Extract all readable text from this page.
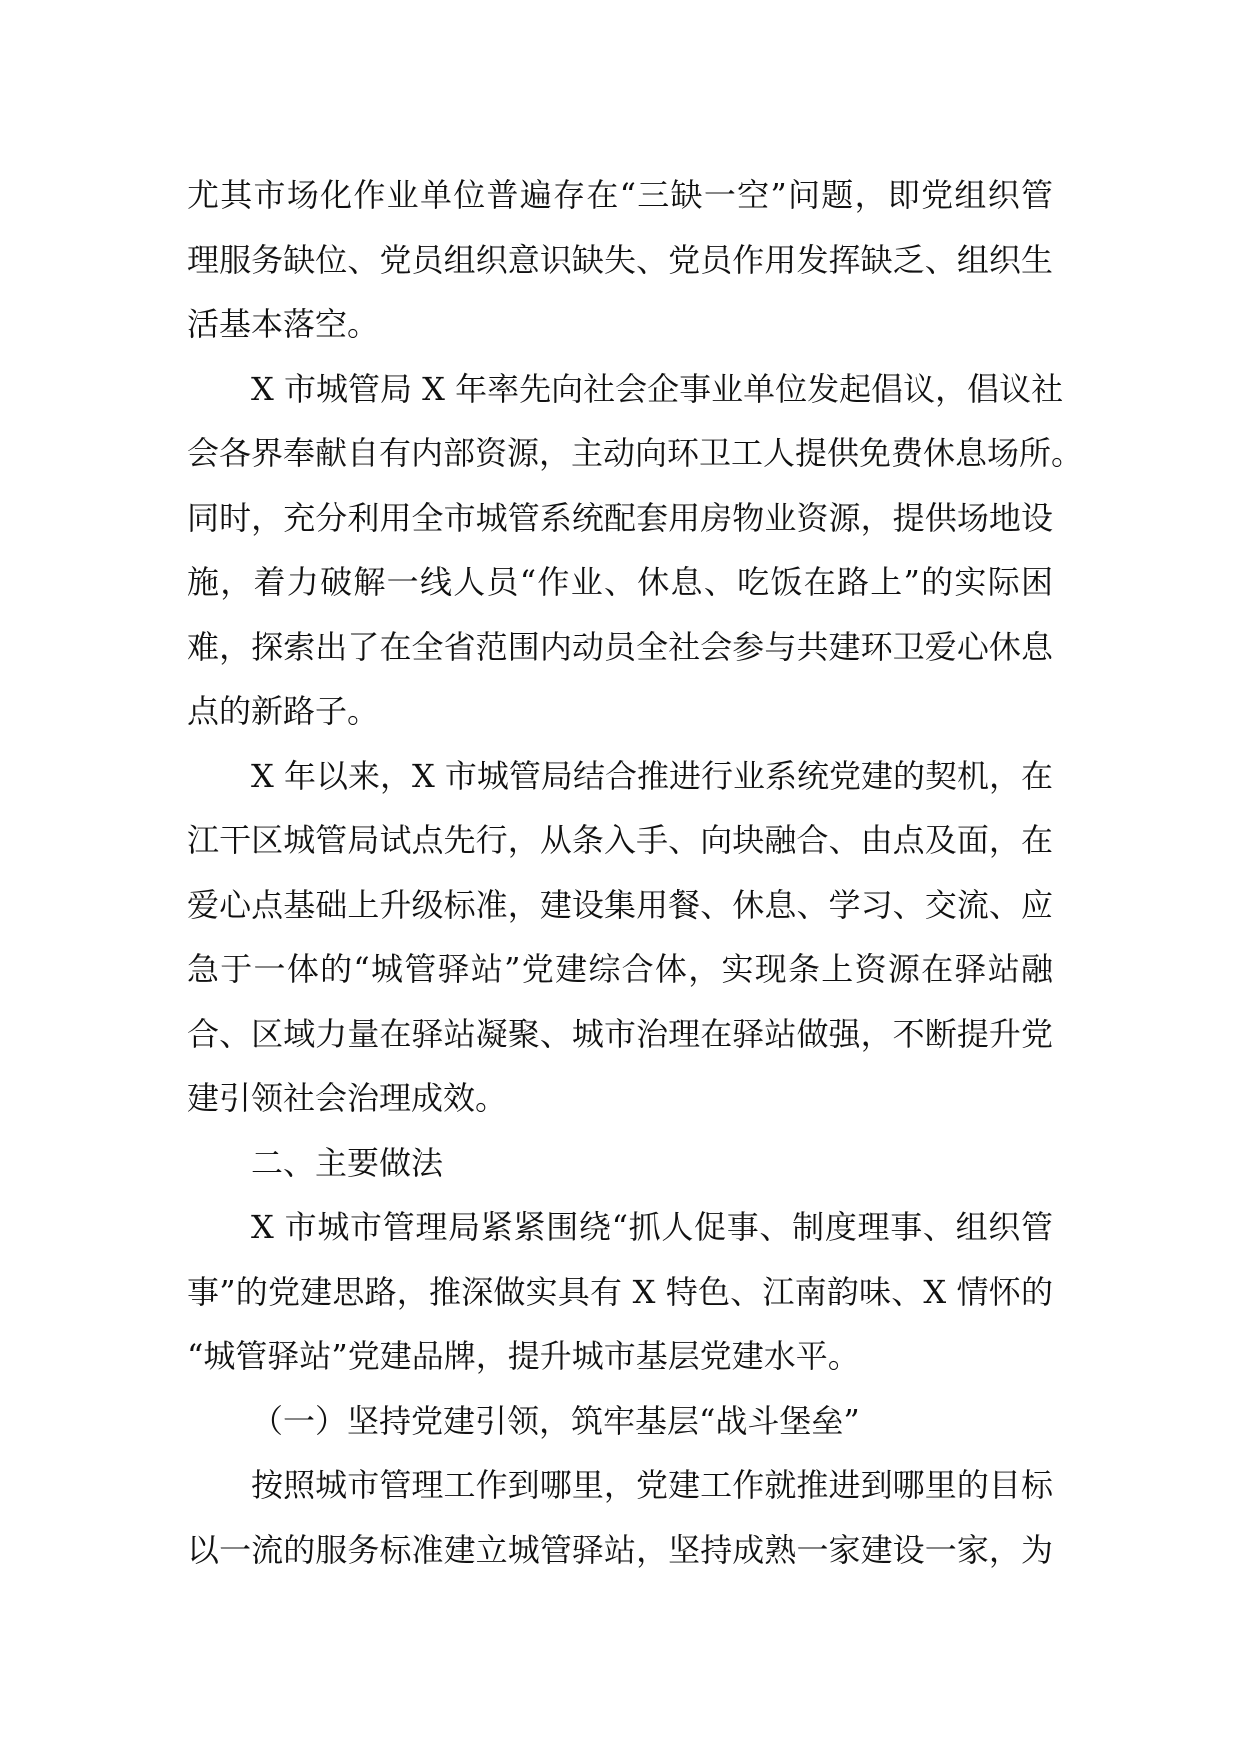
尤其市场化作业单位普遍存在“三缺一空”问题，即党组织管
理服务缺位、党员组织意识缺失、党员作用发挥缺乏、组织生
活基本落空。

X 市城管局 X 年率先向社会企事业单位发起倡议，倡议社
会各界奉献自有内部资源，主动向环卫工人提供免费休息场所。
同时，充分利用全市城管系统配套用房物业资源，提供场地设
施，着力破解一线人员“作业、休息、吃饭在路上”的实际困
难，探索出了在全省范围内动员全社会参与共建环卫爱心休息
点的新路子。

X 年以来，X 市城管局结合推进行业系统党建的契机，在
江干区城管局试点先行，从条入手、向块融合、由点及面，在
爱心点基础上升级标准，建设集用餐、休息、学习、交流、应
急于一体的“城管驿站”党建综合体，实现条上资源在驿站融
合、区域力量在驿站凝聚、城市治理在驿站做强，不断提升党
建引领社会治理成效。

二、主要做法

X 市城市管理局紧紧围绕“抓人促事、制度理事、组织管
事”的党建思路，推深做实具有 X 特色、江南韵味、X 情怀的
“城管驿站”党建品牌，提升城市基层党建水平。

（一）坚持党建引领，筑牢基层“战斗堡垒”

按照城市管理工作到哪里，党建工作就推进到哪里的目标
以一流的服务标准建立城管驿站，坚持成熟一家建设一家，为
